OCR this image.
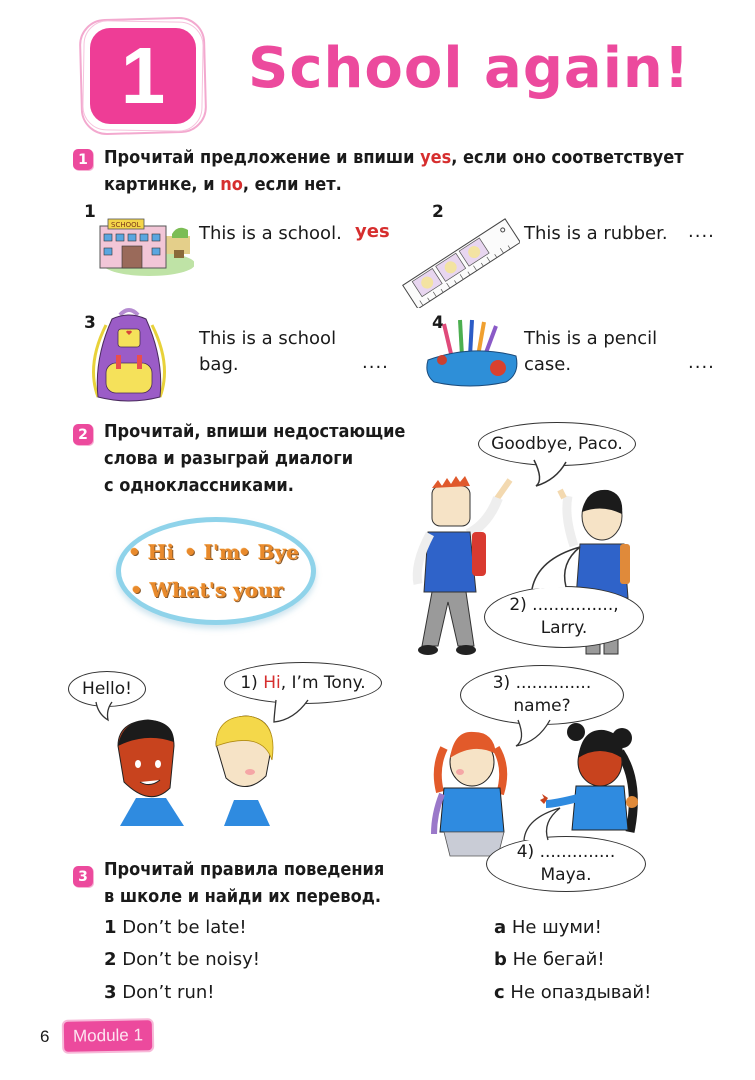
1	School again!
1 Прочитай предложение и впиши yes, если оно соответствует
картинке, и no, если нет.
1
SCHOOL	This is a school. yes
2
This is a rubber. ....
3
This is a school
bag.	....
4
This is a pencil
case.	....
2 Прочитай, впиши недостающие
слова и разыграй диалоги
с одноклассниками.
• Hi • I'm
• Bye
• What's your
Goodbye, Paco.
2) ...............,
Larry.
Hello!	1) Hi, I’m Tony.	3) ..............
name?
4) ..............
Maya.
3 Прочитай правила поведения
в школе и найди их перевод.
1 Don’t be late!
2 Don’t be noisy!
3 Don’t run!
a Не шуми!
b Не бегай!
c Не опаздывай!
6	Module 1
